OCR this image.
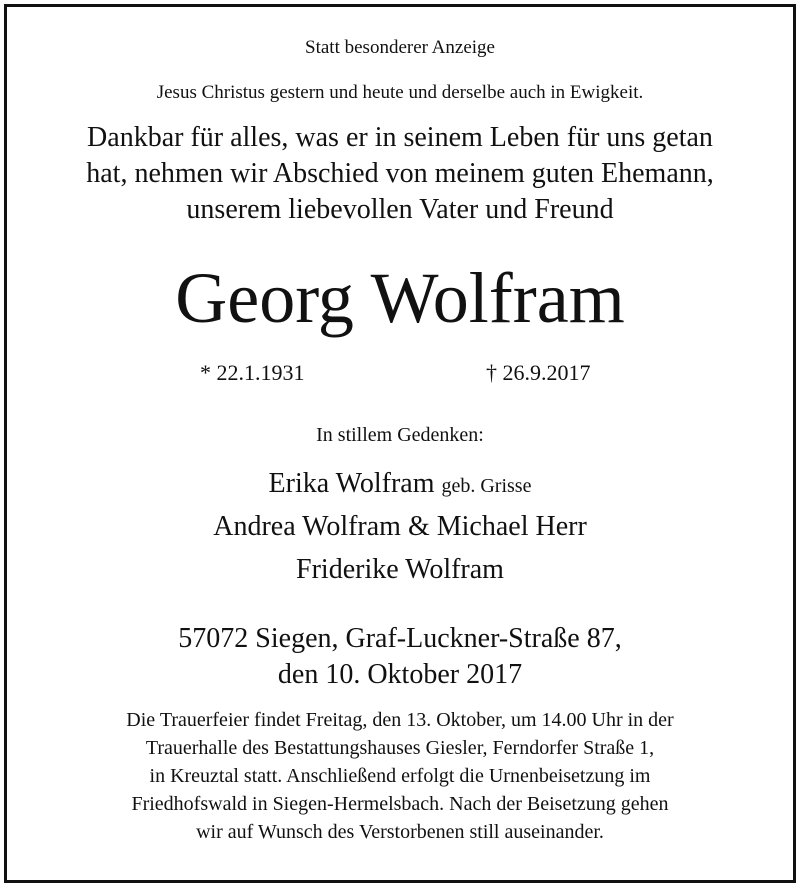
Statt besonderer Anzeige
Jesus Christus gestern und heute und derselbe auch in Ewigkeit.
Dankbar für alles, was er in seinem Leben für uns getan
hat, nehmen wir Abschied von meinem guten Ehemann,
unserem liebevollen Vater und Freund
Georg Wolfram
* 22.1.1931	† 26.9.2017
In stillem Gedenken:
Erika Wolfram geb. Grisse
Andrea Wolfram & Michael Herr
Friderike Wolfram
57072 Siegen, Graf-Luckner-Straße 87,
den 10. Oktober 2017
Die Trauerfeier findet Freitag, den 13. Oktober, um 14.00 Uhr in der
Trauerhalle des Bestattungshauses Giesler, Ferndorfer Straße 1,
in Kreuztal statt. Anschließend erfolgt die Urnenbeisetzung im
Friedhofswald in Siegen-Hermelsbach. Nach der Beisetzung gehen
wir auf Wunsch des Verstorbenen still auseinander.
